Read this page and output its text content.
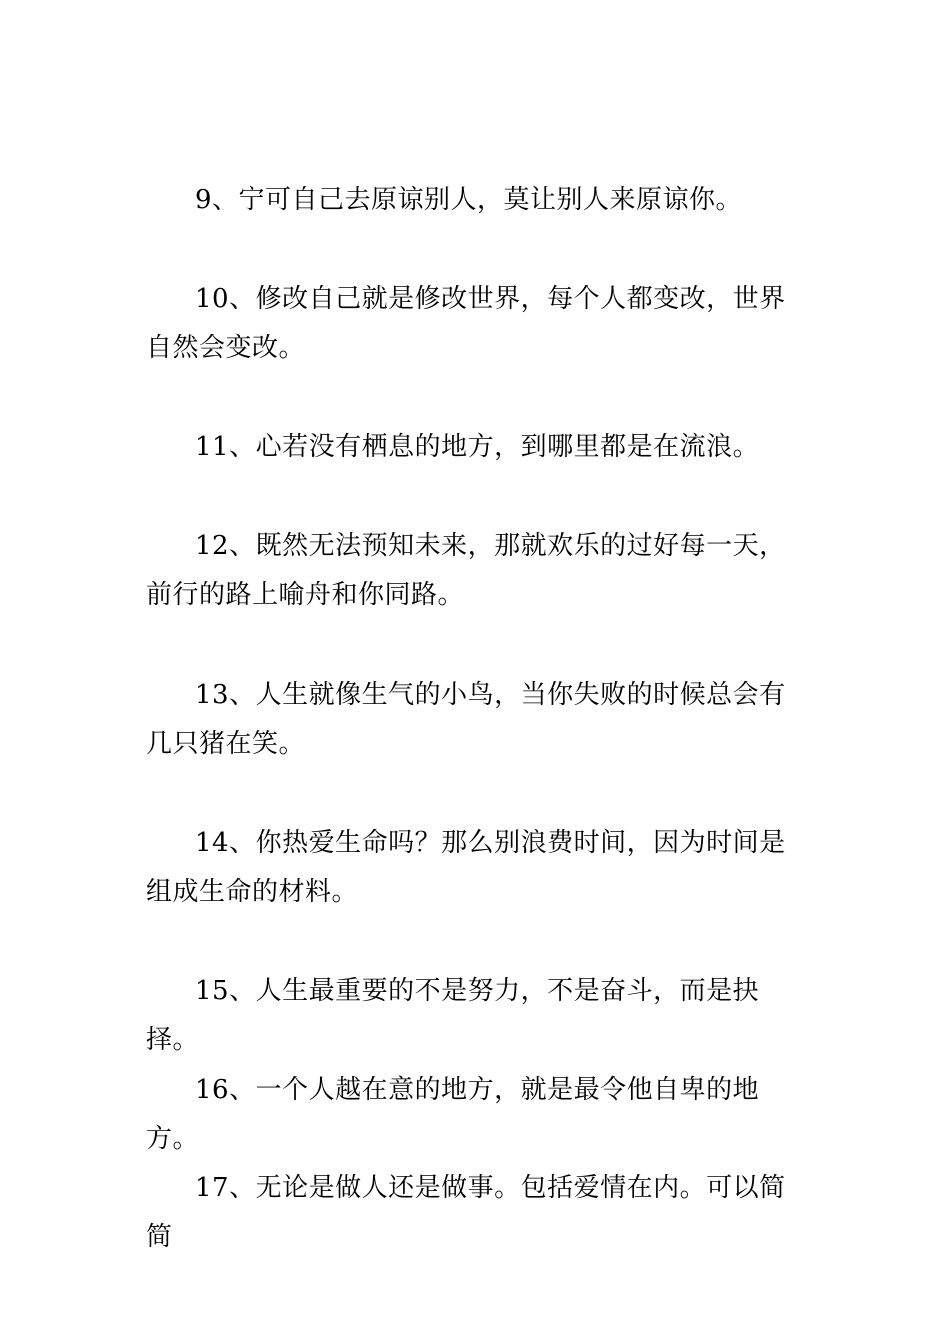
9、宁可自己去原谅别人，莫让别人来原谅你。

10、修改自己就是修改世界，每个人都变改，世界自然会变改。

11、心若没有栖息的地方，到哪里都是在流浪。

12、既然无法预知未来，那就欢乐的过好每一天，前行的路上喻舟和你同路。

13、人生就像生气的小鸟，当你失败的时候总会有几只猪在笑。

14、你热爱生命吗？那么别浪费时间，因为时间是组成生命的材料。

15、人生最重要的不是努力，不是奋斗，而是抉择。

16、一个人越在意的地方，就是最令他自卑的地方。

17、无论是做人还是做事。包括爱情在内。可以简简
